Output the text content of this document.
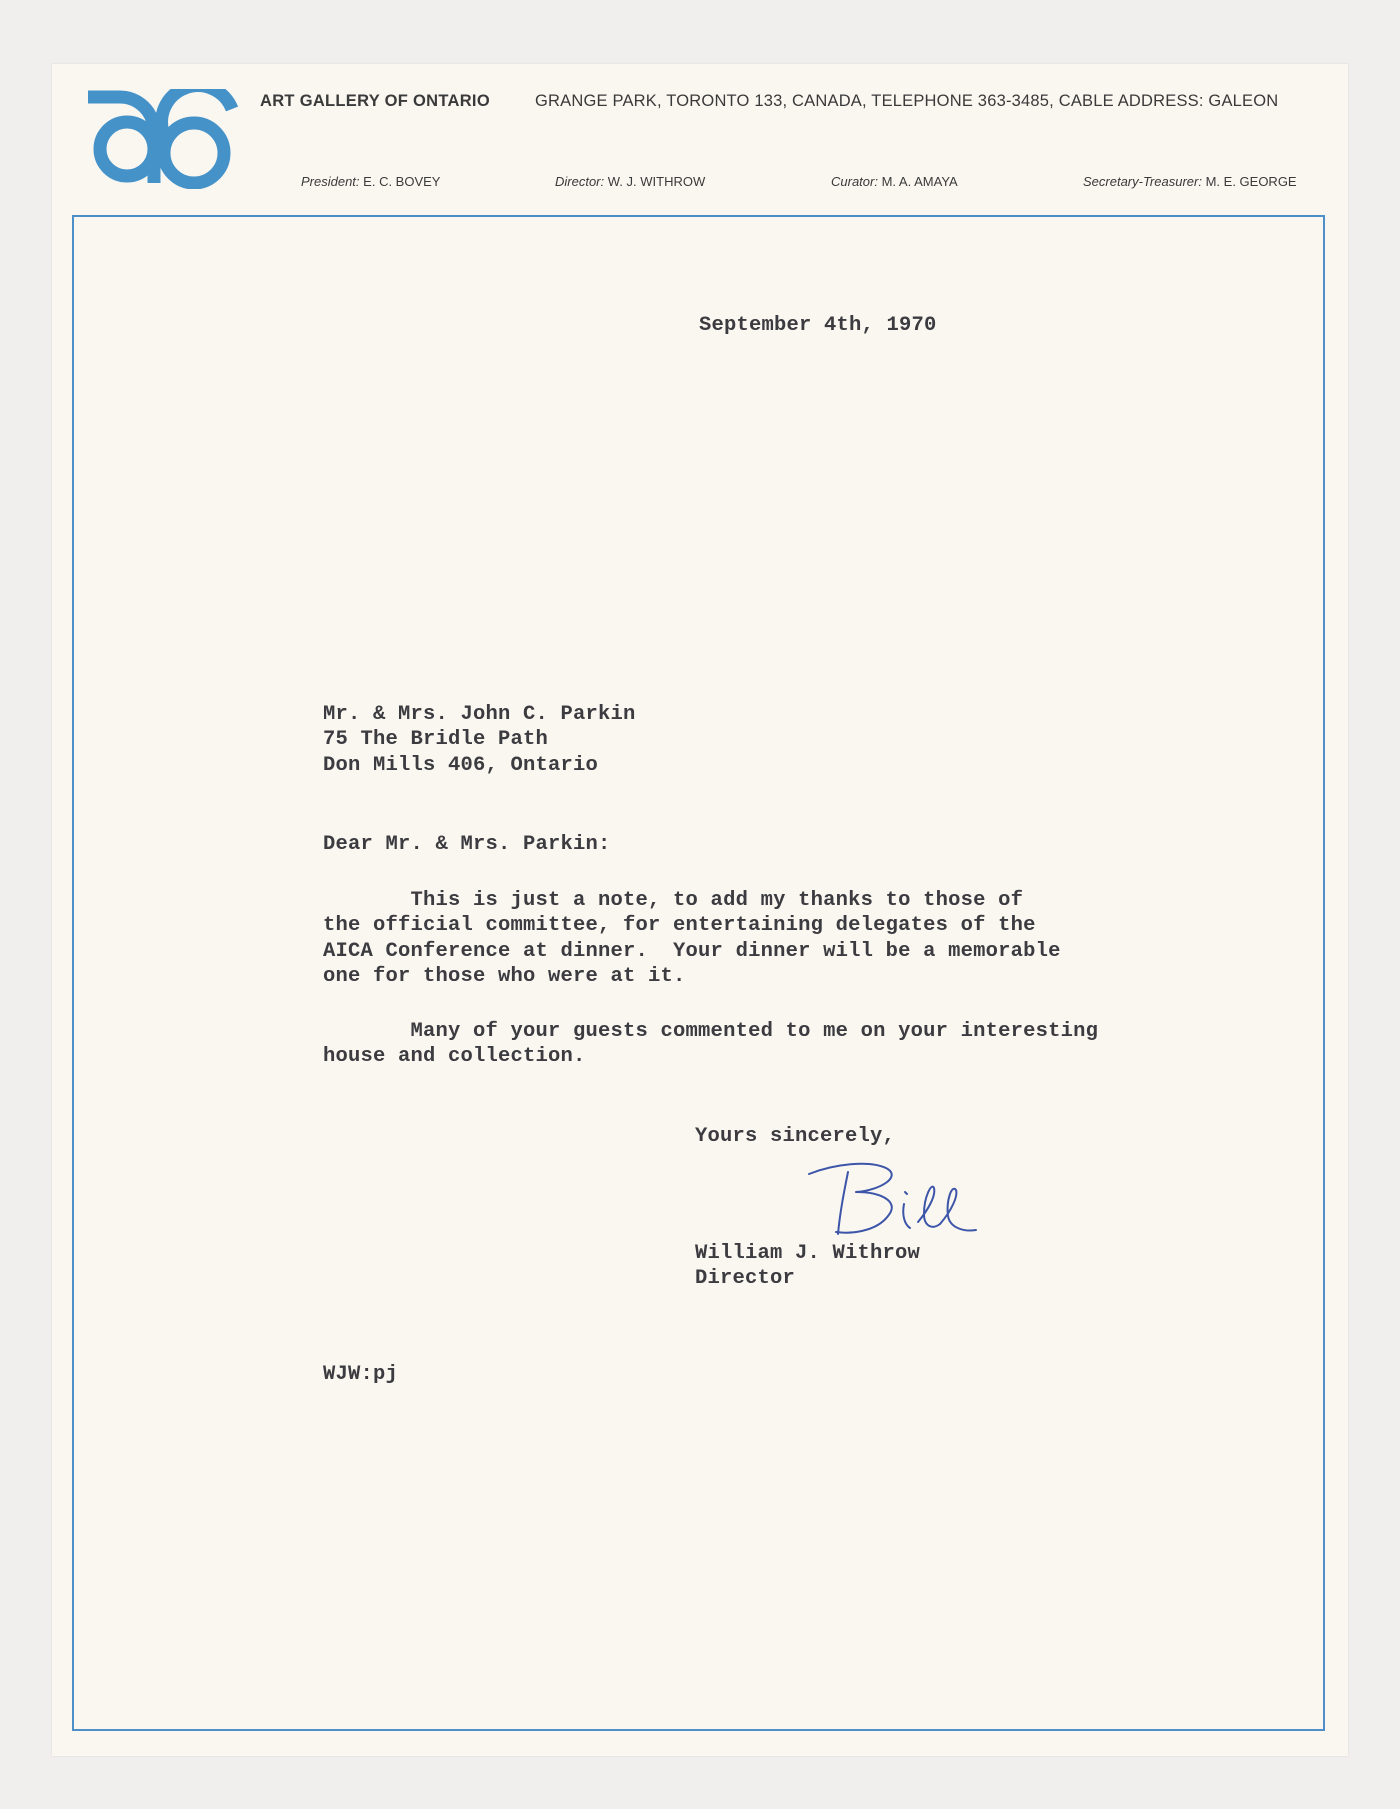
ART GALLERY OF ONTARIO	GRANGE PARK, TORONTO 133, CANADA, TELEPHONE 363-3485, CABLE ADDRESS: GALEON
President: E. C. BOVEY	Director: W. J. WITHROW	Curator: M. A. AMAYA	Secretary-Treasurer: M. E. GEORGE

September 4th, 1970

Mr. & Mrs. John C. Parkin

75 The Bridle Path

Don Mills 406, Ontario

Dear Mr. & Mrs. Parkin:

This is just a note, to add my thanks to those of

the official committee, for entertaining delegates of the

AICA Conference at dinner.  Your dinner will be a memorable

one for those who were at it.

Many of your guests commented to me on your interesting

house and collection.

Yours sincerely,

William J. Withrow

Director

WJW:pj
